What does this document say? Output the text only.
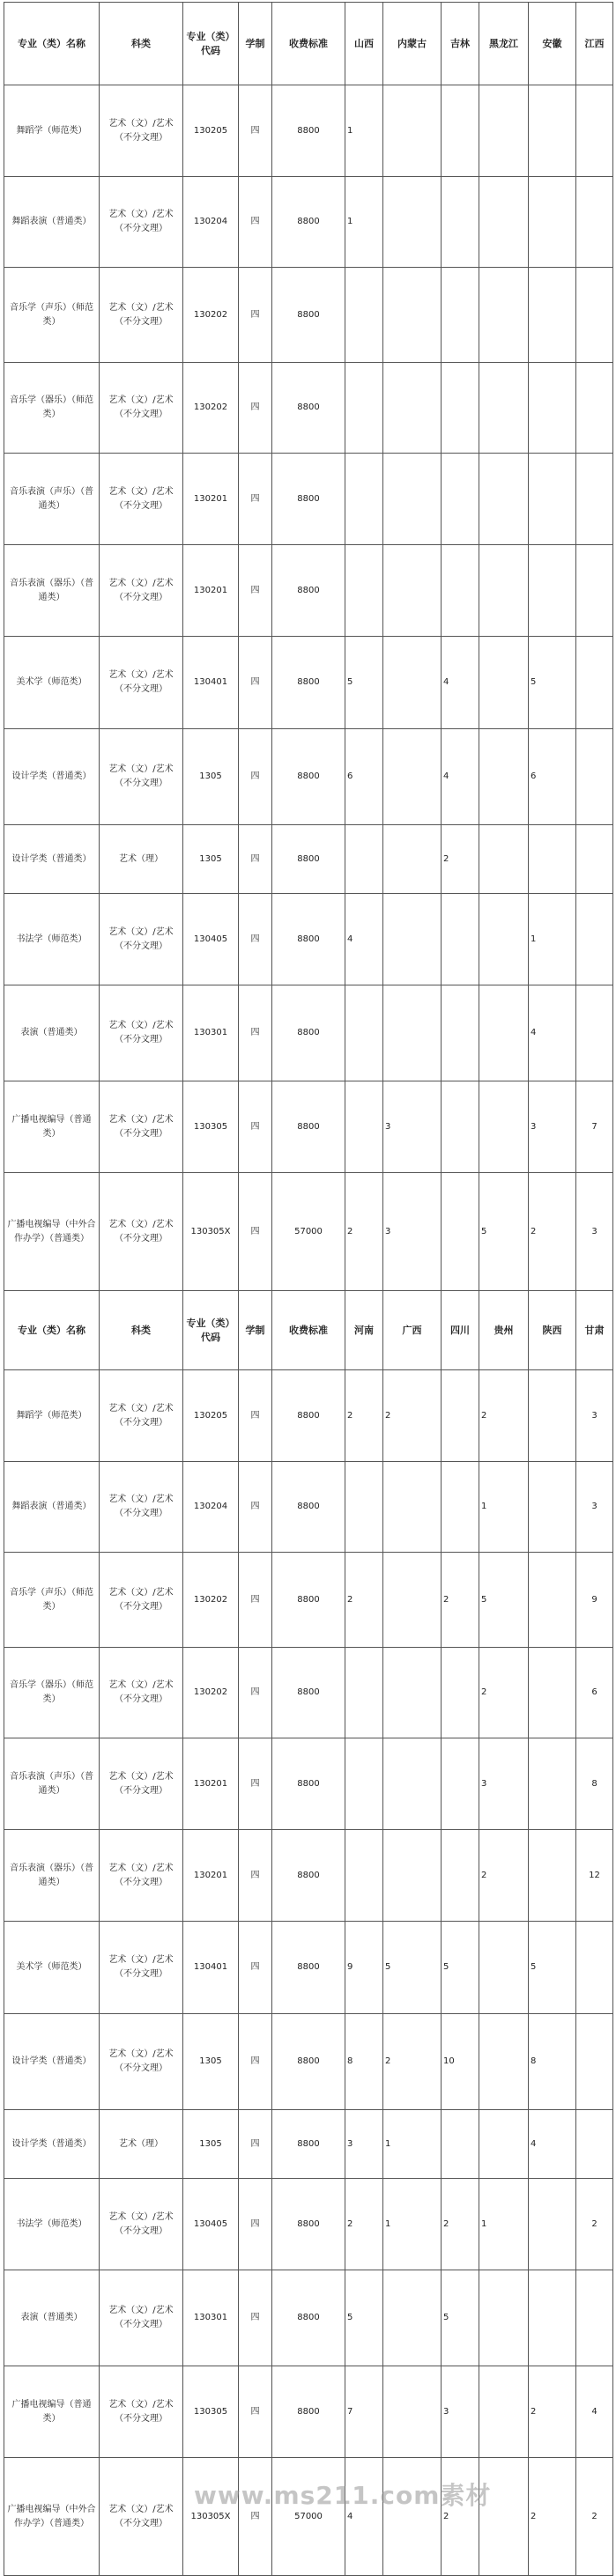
专业（类）名称	科类	专业（类）代码	学制	收费标准	山西	内蒙古	吉林	黑龙江	安徽	江西
舞蹈学（师范类）	艺术（文）/艺术（不分文理）	130205	四	8800	1					
舞蹈表演（普通类）	艺术（文）/艺术（不分文理）	130204	四	8800	1					
音乐学（声乐）（师范类）	艺术（文）/艺术（不分文理）	130202	四	8800						
音乐学（器乐）（师范类）	艺术（文）/艺术（不分文理）	130202	四	8800						
音乐表演（声乐）（普通类）	艺术（文）/艺术（不分文理）	130201	四	8800						
音乐表演（器乐）（普通类）	艺术（文）/艺术（不分文理）	130201	四	8800						
美术学（师范类）	艺术（文）/艺术（不分文理）	130401	四	8800	5		4		5	
设计学类（普通类）	艺术（文）/艺术（不分文理）	1305	四	8800	6		4		6	
设计学类（普通类）	艺术（理）	1305	四	8800			2			
书法学（师范类）	艺术（文）/艺术（不分文理）	130405	四	8800	4				1	
表演（普通类）	艺术（文）/艺术（不分文理）	130301	四	8800					4	
广播电视编导（普通类）	艺术（文）/艺术（不分文理）	130305	四	8800		3			3	7
广播电视编导（中外合作办学）（普通类）	艺术（文）/艺术（不分文理）	130305X	四	57000	2	3		5	2	3
专业（类）名称	科类	专业（类）代码	学制	收费标准	河南	广西	四川	贵州	陕西	甘肃
舞蹈学（师范类）	艺术（文）/艺术（不分文理）	130205	四	8800	2	2		2		3
舞蹈表演（普通类）	艺术（文）/艺术（不分文理）	130204	四	8800				1		3
音乐学（声乐）（师范类）	艺术（文）/艺术（不分文理）	130202	四	8800	2		2	5		9
音乐学（器乐）（师范类）	艺术（文）/艺术（不分文理）	130202	四	8800				2		6
音乐表演（声乐）（普通类）	艺术（文）/艺术（不分文理）	130201	四	8800				3		8
音乐表演（器乐）（普通类）	艺术（文）/艺术（不分文理）	130201	四	8800				2		12
美术学（师范类）	艺术（文）/艺术（不分文理）	130401	四	8800	9	5	5		5	
设计学类（普通类）	艺术（文）/艺术（不分文理）	1305	四	8800	8	2	10		8	
设计学类（普通类）	艺术（理）	1305	四	8800	3	1			4	
书法学（师范类）	艺术（文）/艺术（不分文理）	130405	四	8800	2	1	2	1		2
表演（普通类）	艺术（文）/艺术（不分文理）	130301	四	8800	5		5			
广播电视编导（普通类）	艺术（文）/艺术（不分文理）	130305	四	8800	7		3		2	4
广播电视编导（中外合作办学）（普通类）	艺术（文）/艺术（不分文理）	130305X	四	57000	4		2		2	2
www.ms211.com素材
